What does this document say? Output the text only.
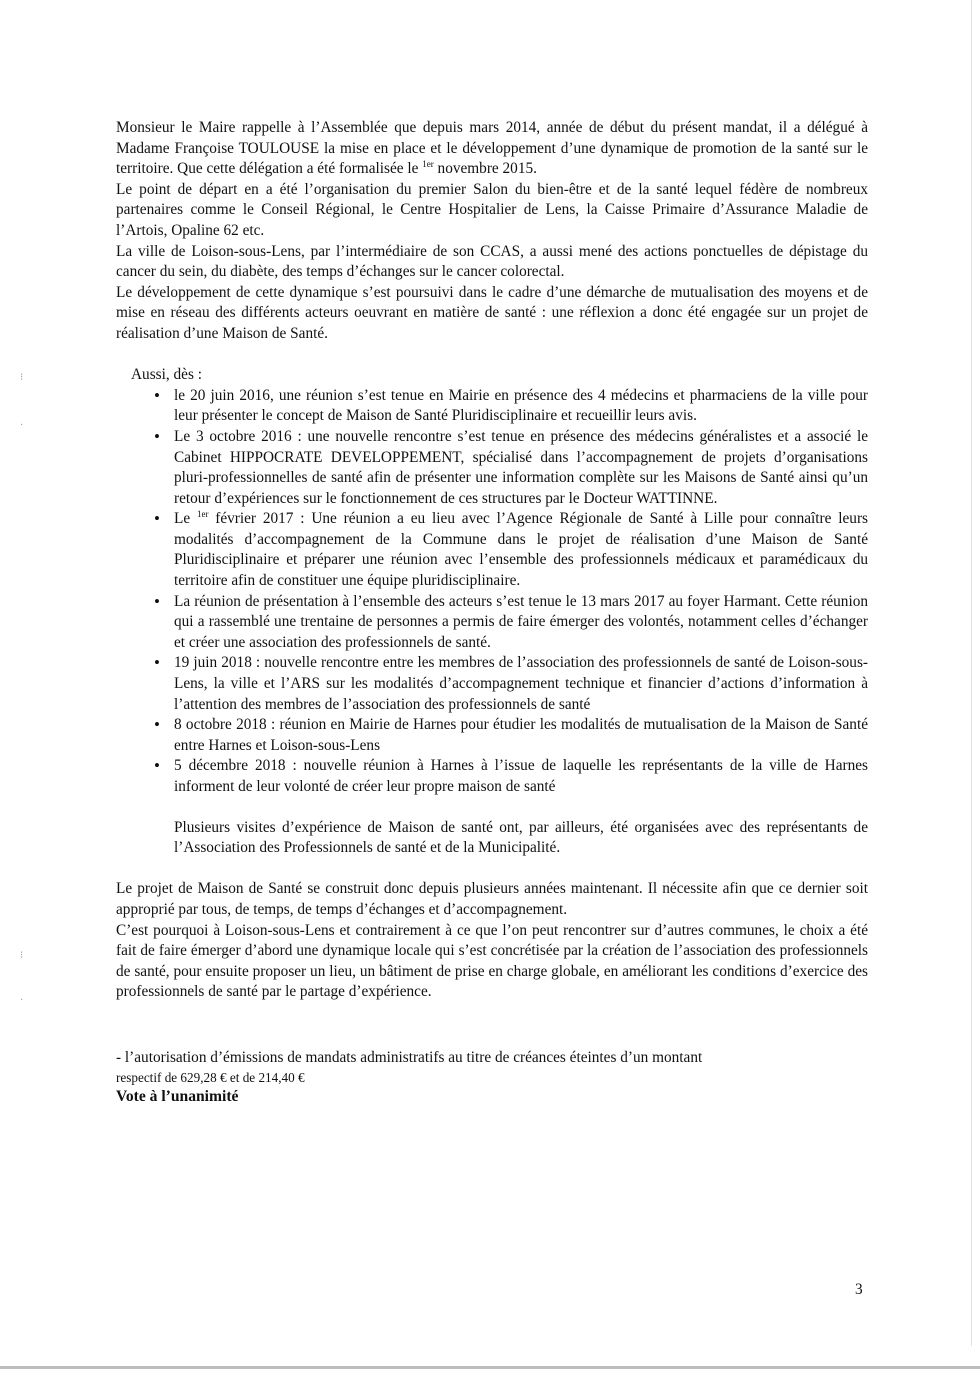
⁝
·
⁝
·

Monsieur le Maire rappelle à l’Assemblée que depuis mars 2014, année de début du présent mandat, il a délégué à Madame Françoise TOULOUSE la mise en place et le développement d’une dynamique de promotion de la santé sur le territoire. Que cette délégation a été formalisée le $^{1er}$ novembre 2015.

Le point de départ en a été l’organisation du premier Salon du bien-être et de la santé lequel fédère de nombreux partenaires comme le Conseil Régional, le Centre Hospitalier de Lens, la Caisse Primaire d’Assurance Maladie de l’Artois, Opaline 62 etc.

La ville de Loison-sous-Lens, par l’intermédiaire de son CCAS, a aussi mené des actions ponctuelles de dépistage du cancer du sein, du diabète, des temps d’échanges sur le cancer colorectal.

Le développement de cette dynamique s’est poursuivi dans le cadre d’une démarche de mutualisation des moyens et de mise en réseau des différents acteurs oeuvrant en matière de santé : une réflexion a donc été engagée sur un projet de réalisation d’une Maison de Santé.

Aussi, dès :

• le 20 juin 2016, une réunion s’est tenue en Mairie en présence des 4 médecins et pharmaciens de la ville pour leur présenter le concept de Maison de Santé Pluridisciplinaire et recueillir leurs avis.
• Le 3 octobre 2016 : une nouvelle rencontre s’est tenue en présence des médecins généralistes et a associé le Cabinet HIPPOCRATE DEVELOPPEMENT, spécialisé dans l’accompagnement de projets d’organisations pluri-professionnelles de santé afin de présenter une information complète sur les Maisons de Santé ainsi qu’un retour d’expériences sur le fonctionnement de ces structures par le Docteur WATTINNE.
• Le $^{1er}$ février 2017 : Une réunion a eu lieu avec l’Agence Régionale de Santé à Lille pour connaître leurs modalités d’accompagnement de la Commune dans le projet de réalisation d’une Maison de Santé Pluridisciplinaire et préparer une réunion avec l’ensemble des professionnels médicaux et paramédicaux du territoire afin de constituer une équipe pluridisciplinaire.
• La réunion de présentation à l’ensemble des acteurs s’est tenue le 13 mars 2017 au foyer Harmant. Cette réunion qui a rassemblé une trentaine de personnes a permis de faire émerger des volontés, notamment celles d’échanger et créer une association des professionnels de santé.
• 19 juin 2018 : nouvelle rencontre entre les membres de l’association des professionnels de santé de Loison-sous-Lens, la ville et l’ARS sur les modalités d’accompagnement technique et financier d’actions d’information à l’attention des membres de l’association des professionnels de santé
• 8 octobre 2018 : réunion en Mairie de Harnes pour étudier les modalités de mutualisation de la Maison de Santé entre Harnes et Loison-sous-Lens
• 5 décembre 2018 : nouvelle réunion à Harnes à l’issue de laquelle les représentants de la ville de Harnes informent de leur volonté de créer leur propre maison de santé

Plusieurs visites d’expérience de Maison de santé ont, par ailleurs, été organisées avec des représentants de l’Association des Professionnels de santé et de la Municipalité.

Le projet de Maison de Santé se construit donc depuis plusieurs années maintenant. Il nécessite afin que ce dernier soit approprié par tous, de temps, de temps d’échanges et d’accompagnement.

C’est pourquoi à Loison-sous-Lens et contrairement à ce que l’on peut rencontrer sur d’autres communes, le choix a été fait de faire émerger d’abord une dynamique locale qui s’est concrétisée par la création de l’association des professionnels de santé, pour ensuite proposer un lieu, un bâtiment de prise en charge globale, en améliorant les conditions d’exercice des professionnels de santé par le partage d’expérience.

- l’autorisation d’émissions de mandats administratifs au titre de créances éteintes d’un montant

respectif de 629,28 € et de 214,40 €

Vote à l’unanimité

3
